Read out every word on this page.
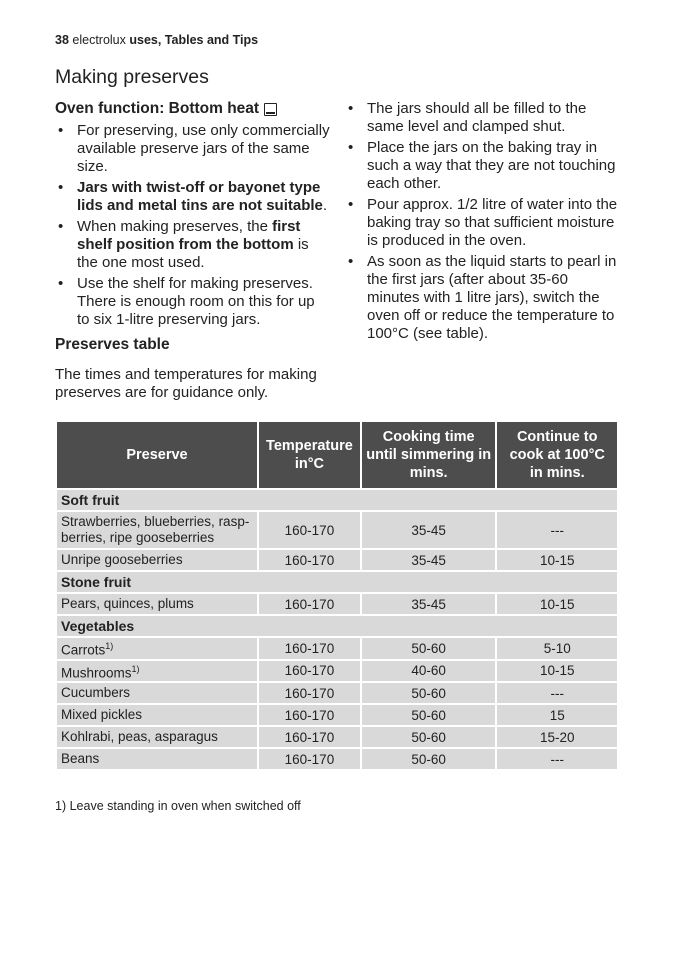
38 electrolux uses, Tables and Tips
Making preserves
Oven function: Bottom heat
• For preserving, use only commercially available preserve jars of the same size.
• Jars with twist-off or bayonet type lids and metal tins are not suitable.
• When making preserves, the first shelf position from the bottom is the one most used.
• Use the shelf for making preserves. There is enough room on this for up to six 1-litre preserving jars.
Preserves table
The times and temperatures for making preserves are for guidance only.
• The jars should all be filled to the same level and clamped shut.
• Place the jars on the baking tray in such a way that they are not touching each other.
• Pour approx. 1/2 litre of water into the baking tray so that sufficient moisture is produced in the oven.
• As soon as the liquid starts to pearl in the first jars (after about 35-60 minutes with 1 litre jars), switch the oven off or reduce the temperature to 100°C (see table).
Preserve	Temperature in°C	Cooking time until simmering in mins.	Continue to cook at 100°C in mins.
Soft fruit			
Strawberries, blueberries, raspberries, ripe gooseberries	160-170	35-45	---
Unripe gooseberries	160-170	35-45	10-15
Stone fruit			
Pears, quinces, plums	160-170	35-45	10-15
Vegetables			
Carrots$^{1)}$	160-170	50-60	5-10
Mushrooms$^{1)}$	160-170	40-60	10-15
Cucumbers	160-170	50-60	---
Mixed pickles	160-170	50-60	15
Kohlrabi, peas, asparagus	160-170	50-60	15-20
Beans	160-170	50-60	---
1) Leave standing in oven when switched off
